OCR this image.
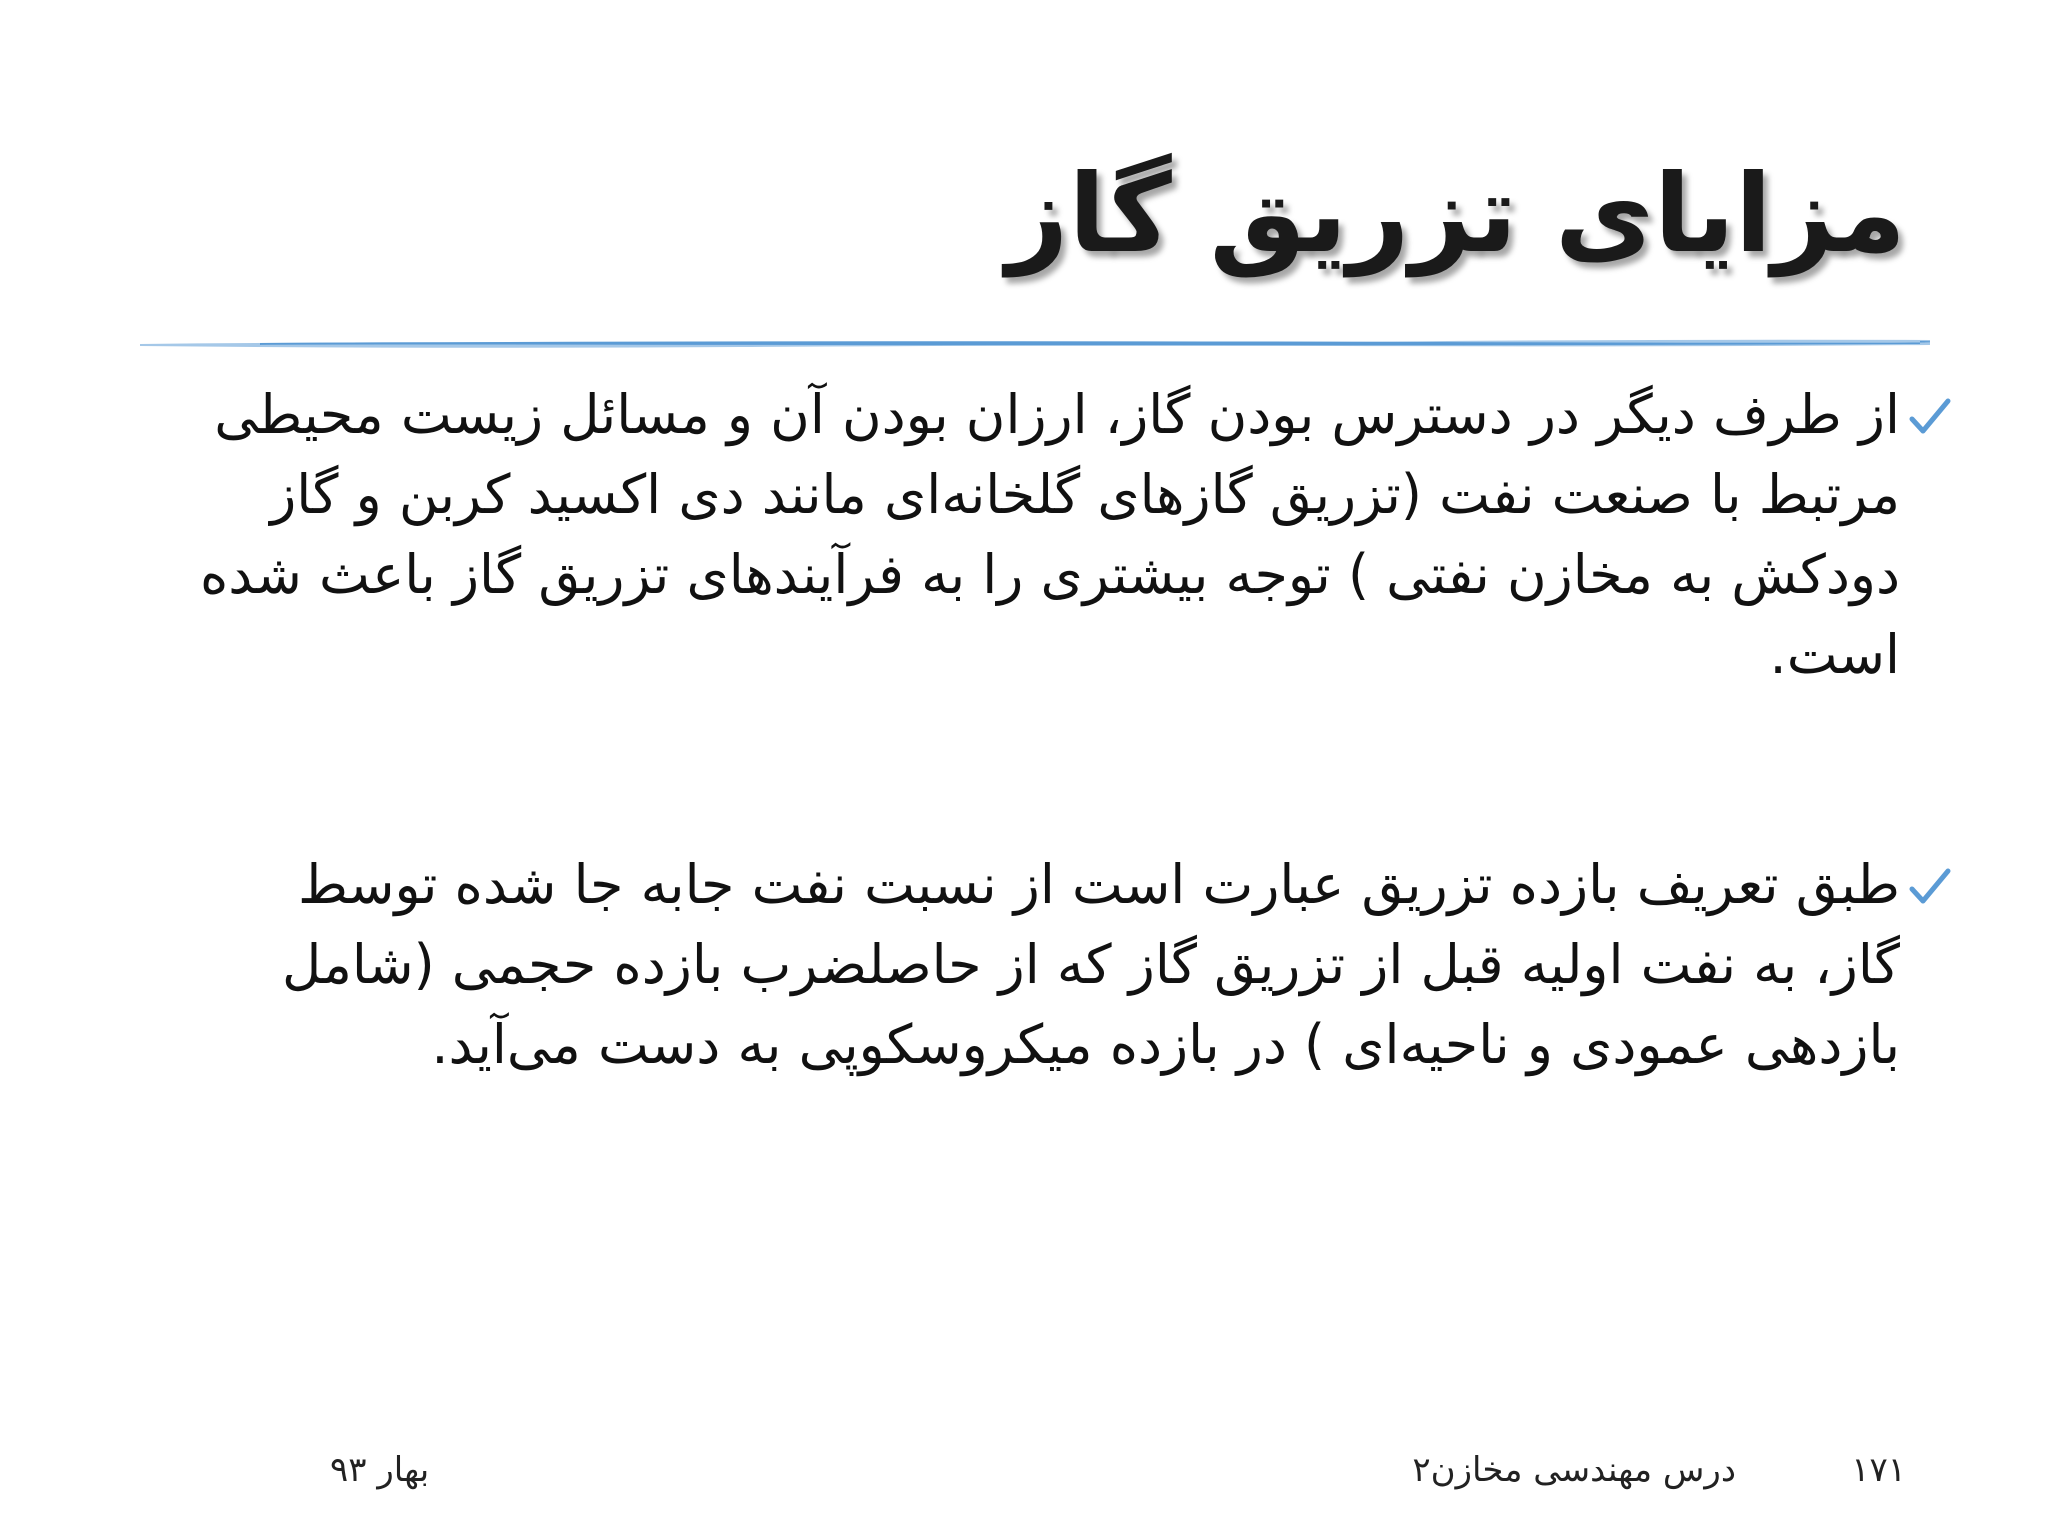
مزایای تزریق گاز
از طرف دیگر در دسترس بودن گاز، ارزان بودن آن و مسائل زیست محیطی مرتبط با صنعت نفت (تزریق گازهای گلخانه‌ای مانند دی اکسید کربن و گاز دودکش به مخازن نفتی ) توجه بیشتری را به فرآیندهای تزریق گاز باعث شده است.
طبق تعریف بازده تزریق عبارت است از نسبت نفت جابه جا شده توسط گاز، به نفت اولیه قبل از تزریق گاز که از حاصلضرب بازده حجمی (شامل بازدهی عمودی و ناحیه‌ای ) در بازده میکروسکوپی به دست می‌آید.
۱۷۱
درس مهندسی مخازن۲
بهار ۹۳
